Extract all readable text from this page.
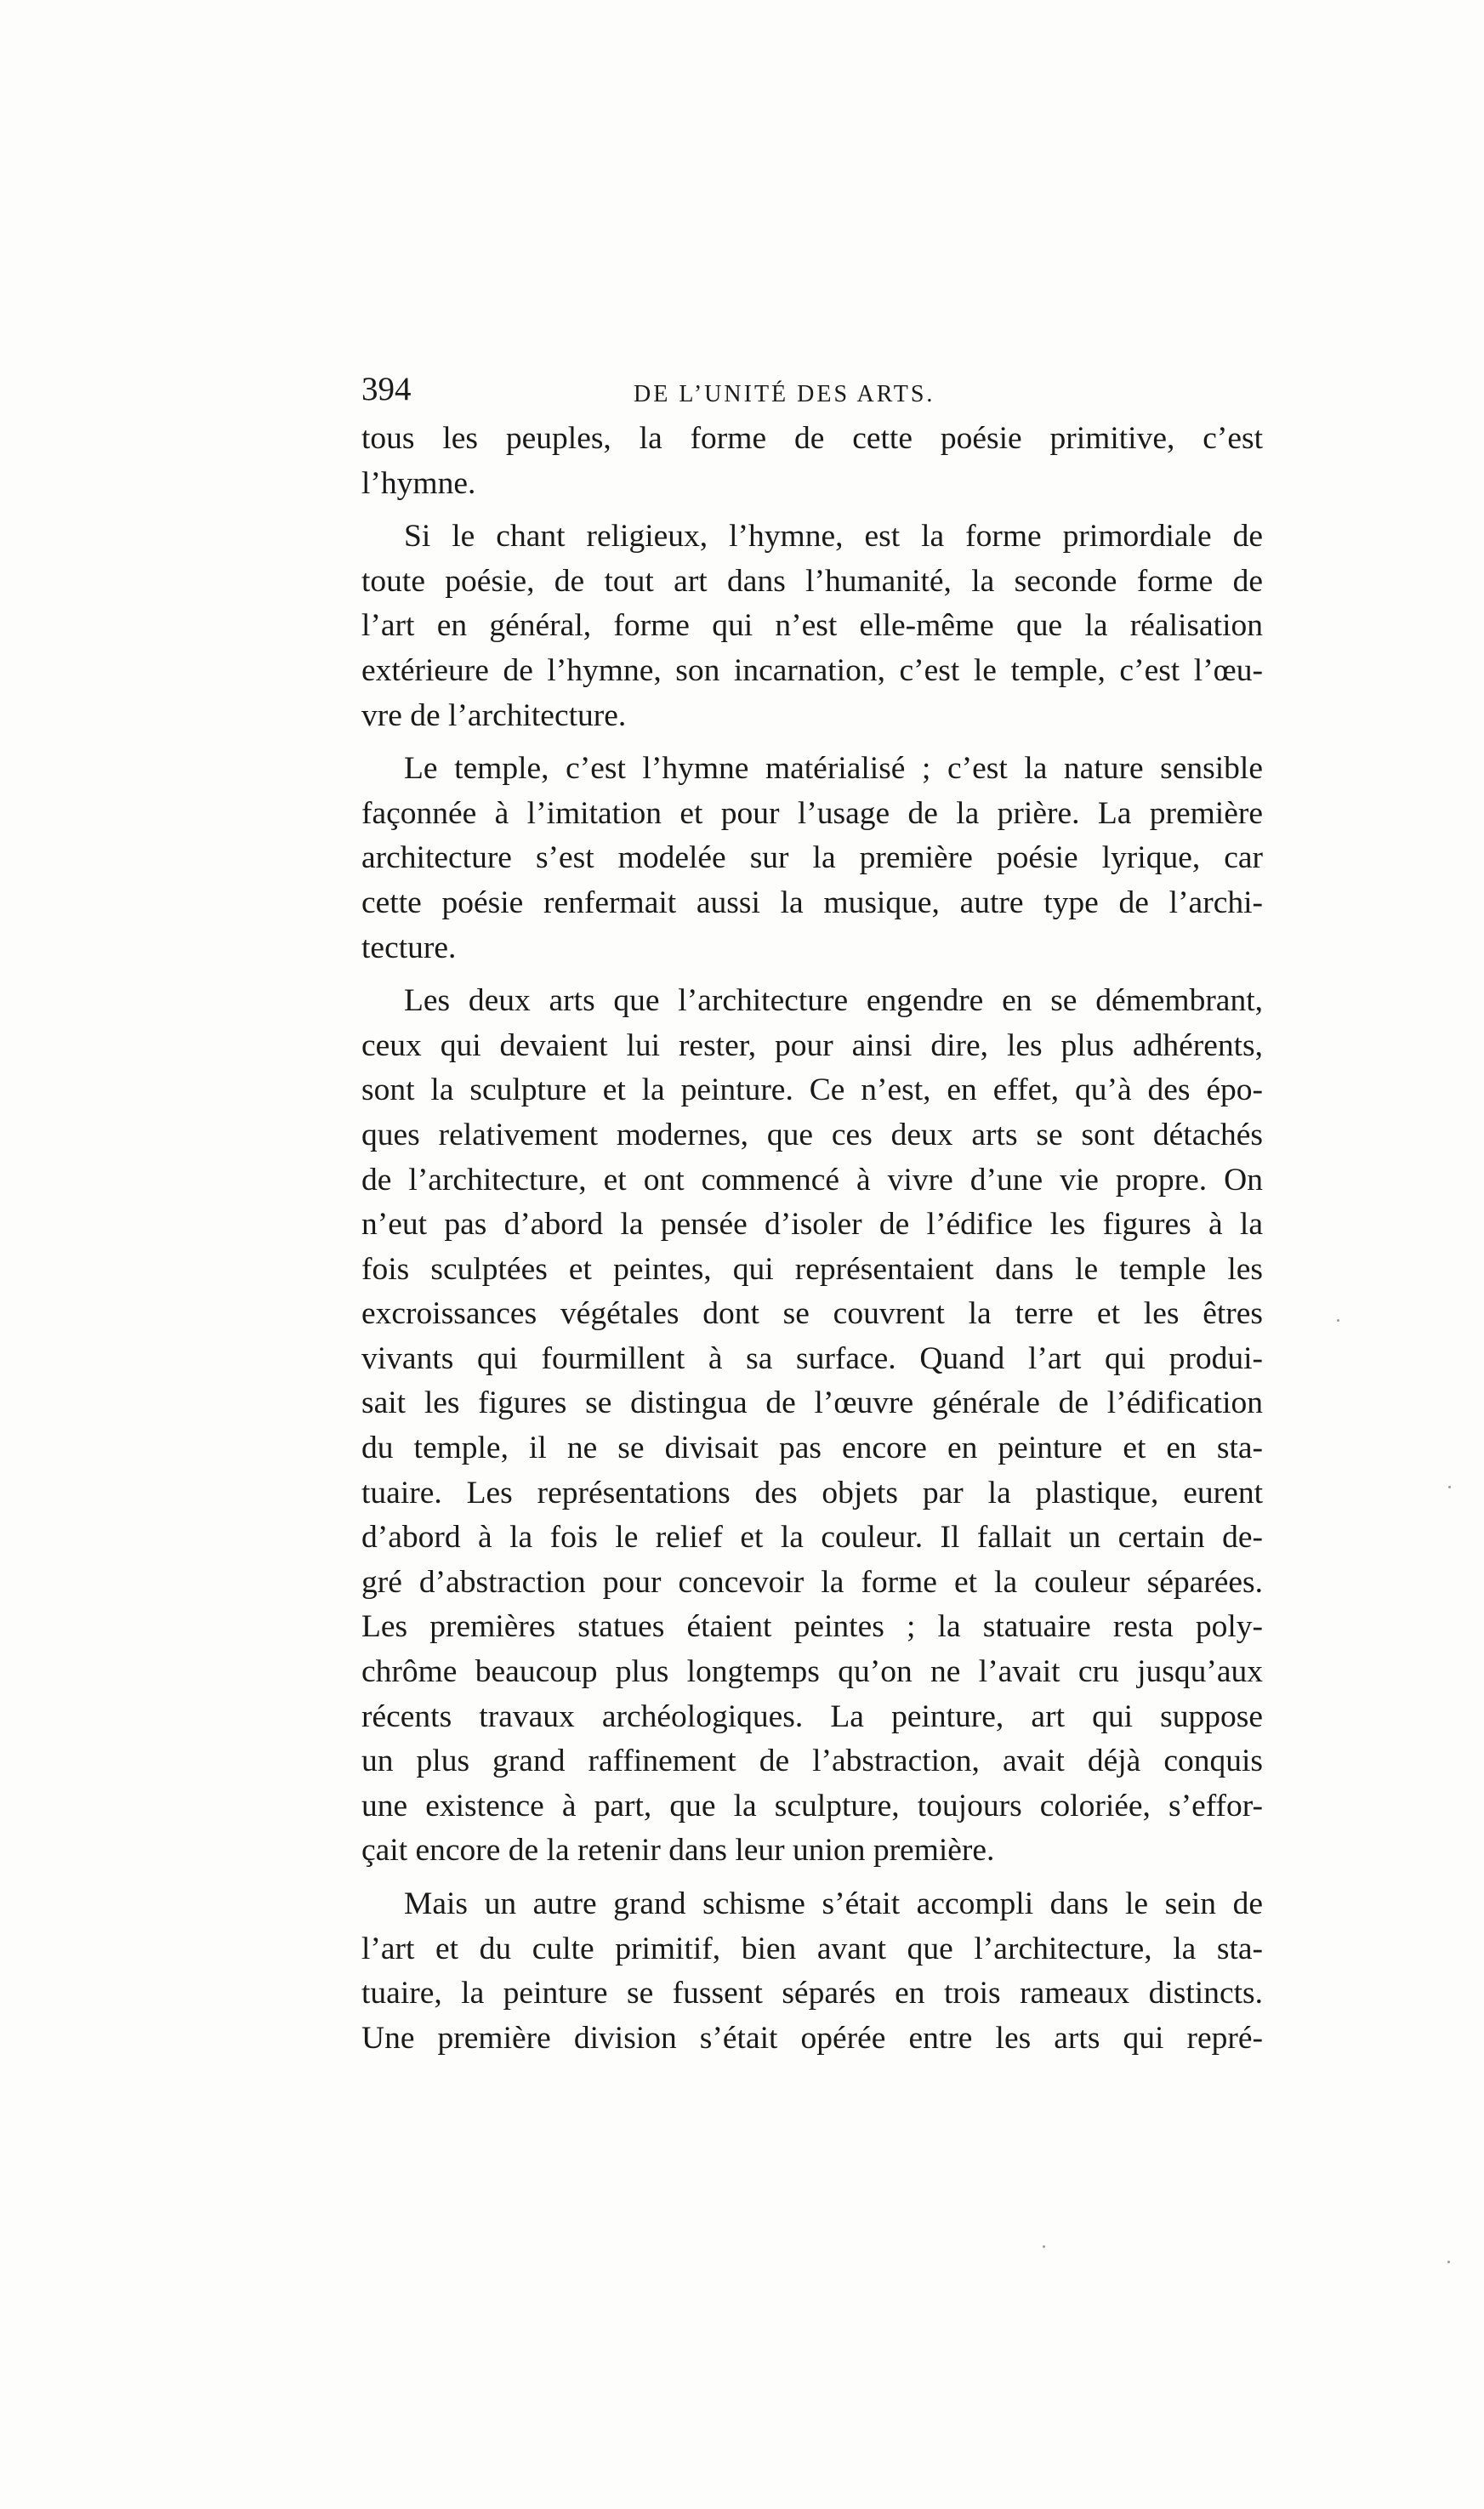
394	DE L’UNITÉ DES ARTS.
tous les peuples, la forme de cette poésie primitive, c’est
l’hymne.
Si le chant religieux, l’hymne, est la forme primordiale de
toute poésie, de tout art dans l’humanité, la seconde forme de
l’art en général, forme qui n’est elle-même que la réalisation
extérieure de l’hymne, son incarnation, c’est le temple, c’est l’œu-
vre de l’architecture.
Le temple, c’est l’hymne matérialisé ; c’est la nature sensible
façonnée à l’imitation et pour l’usage de la prière. La première
architecture s’est modelée sur la première poésie lyrique, car
cette poésie renfermait aussi la musique, autre type de l’archi-
tecture.
Les deux arts que l’architecture engendre en se démembrant,
ceux qui devaient lui rester, pour ainsi dire, les plus adhérents,
sont la sculpture et la peinture. Ce n’est, en effet, qu’à des épo-
ques relativement modernes, que ces deux arts se sont détachés
de l’architecture, et ont commencé à vivre d’une vie propre. On
n’eut pas d’abord la pensée d’isoler de l’édifice les figures à la
fois sculptées et peintes, qui représentaient dans le temple les
excroissances végétales dont se couvrent la terre et les êtres
vivants qui fourmillent à sa surface. Quand l’art qui produi-
sait les figures se distingua de l’œuvre générale de l’édification
du temple, il ne se divisait pas encore en peinture et en sta-
tuaire. Les représentations des objets par la plastique, eurent
d’abord à la fois le relief et la couleur. Il fallait un certain de-
gré d’abstraction pour concevoir la forme et la couleur séparées.
Les premières statues étaient peintes ; la statuaire resta poly-
chrôme beaucoup plus longtemps qu’on ne l’avait cru jusqu’aux
récents travaux archéologiques. La peinture, art qui suppose
un plus grand raffinement de l’abstraction, avait déjà conquis
une existence à part, que la sculpture, toujours coloriée, s’effor-
çait encore de la retenir dans leur union première.
Mais un autre grand schisme s’était accompli dans le sein de
l’art et du culte primitif, bien avant que l’architecture, la sta-
tuaire, la peinture se fussent séparés en trois rameaux distincts.
Une première division s’était opérée entre les arts qui repré-
